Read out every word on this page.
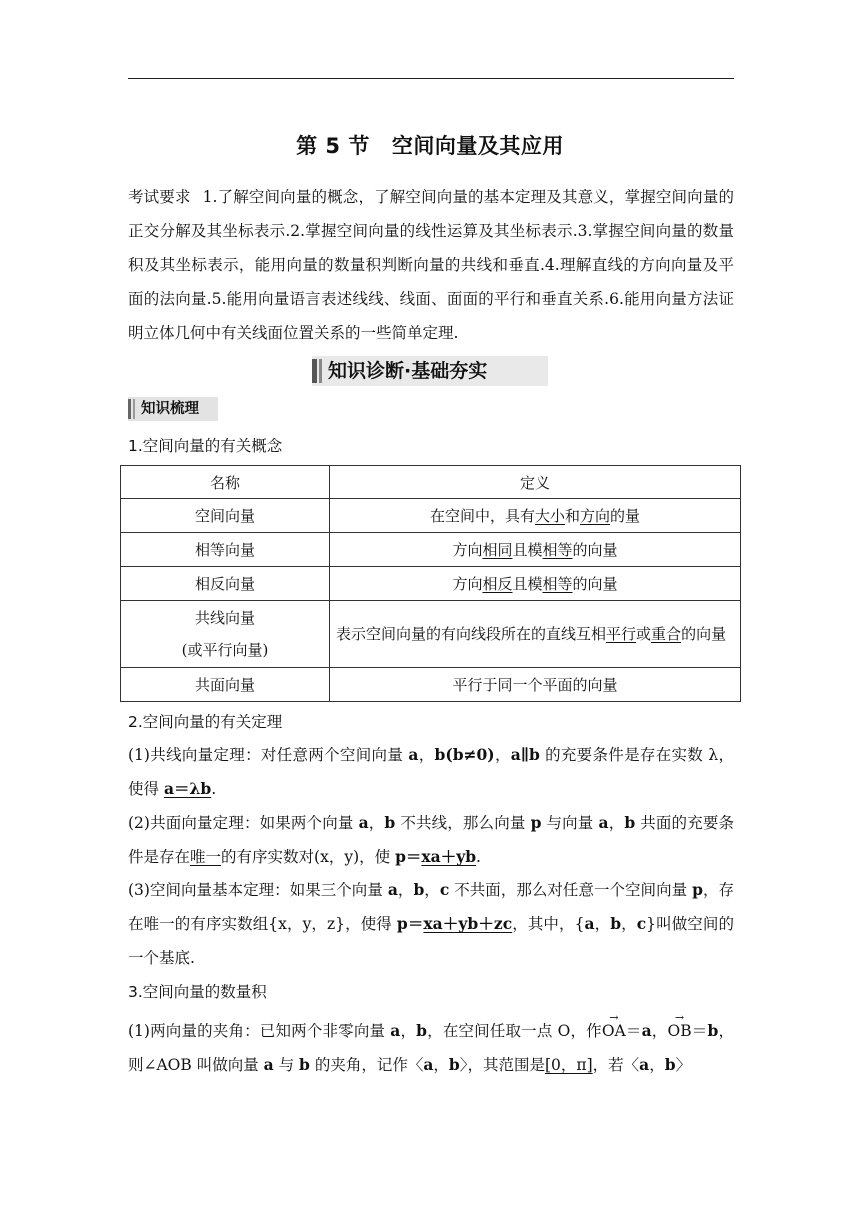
第 5 节 空间向量及其应用
考试要求 1.了解空间向量的概念，了解空间向量的基本定理及其意义，掌握空间向量的正交分解及其坐标表示.2.掌握空间向量的线性运算及其坐标表示.3.掌握空间向量的数量积及其坐标表示，能用向量的数量积判断向量的共线和垂直.4.理解直线的方向向量及平面的法向量.5.能用向量语言表述线线、线面、面面的平行和垂直关系.6.能用向量方法证明立体几何中有关线面位置关系的一些简单定理.
知识诊断·基础夯实
知识梳理
1.空间向量的有关概念
名称	定义
空间向量	在空间中，具有大小和方向的量
相等向量	方向相同且模相等的向量
相反向量	方向相反且模相等的向量
共线向量
(或平行向量)	表示空间向量的有向线段所在的直线互相平行或重合的向量
共面向量	平行于同一个平面的向量
2.空间向量的有关定理
(1)共线向量定理：对任意两个空间向量 a，b(b≠0)，a∥b 的充要条件是存在实数 λ，使得 a＝λb.
(2)共面向量定理：如果两个向量 a，b 不共线，那么向量 p 与向量 a，b 共面的充要条件是存在唯一的有序实数对(x，y)，使 p＝xa＋yb.
(3)空间向量基本定理：如果三个向量 a，b，c 不共面，那么对任意一个空间向量 p，存在唯一的有序实数组{x，y，z}，使得 p＝xa＋yb＋zc，其中，{a，b，c}叫做空间的一个基底.
3.空间向量的数量积
(1)两向量的夹角：已知两个非零向量 a，b，在空间任取一点 O，作→ OA＝a，→ OB＝b，则∠AOB 叫做向量 a 与 b 的夹角，记作〈a，b〉，其范围是[0，π]，若〈a，b〉
